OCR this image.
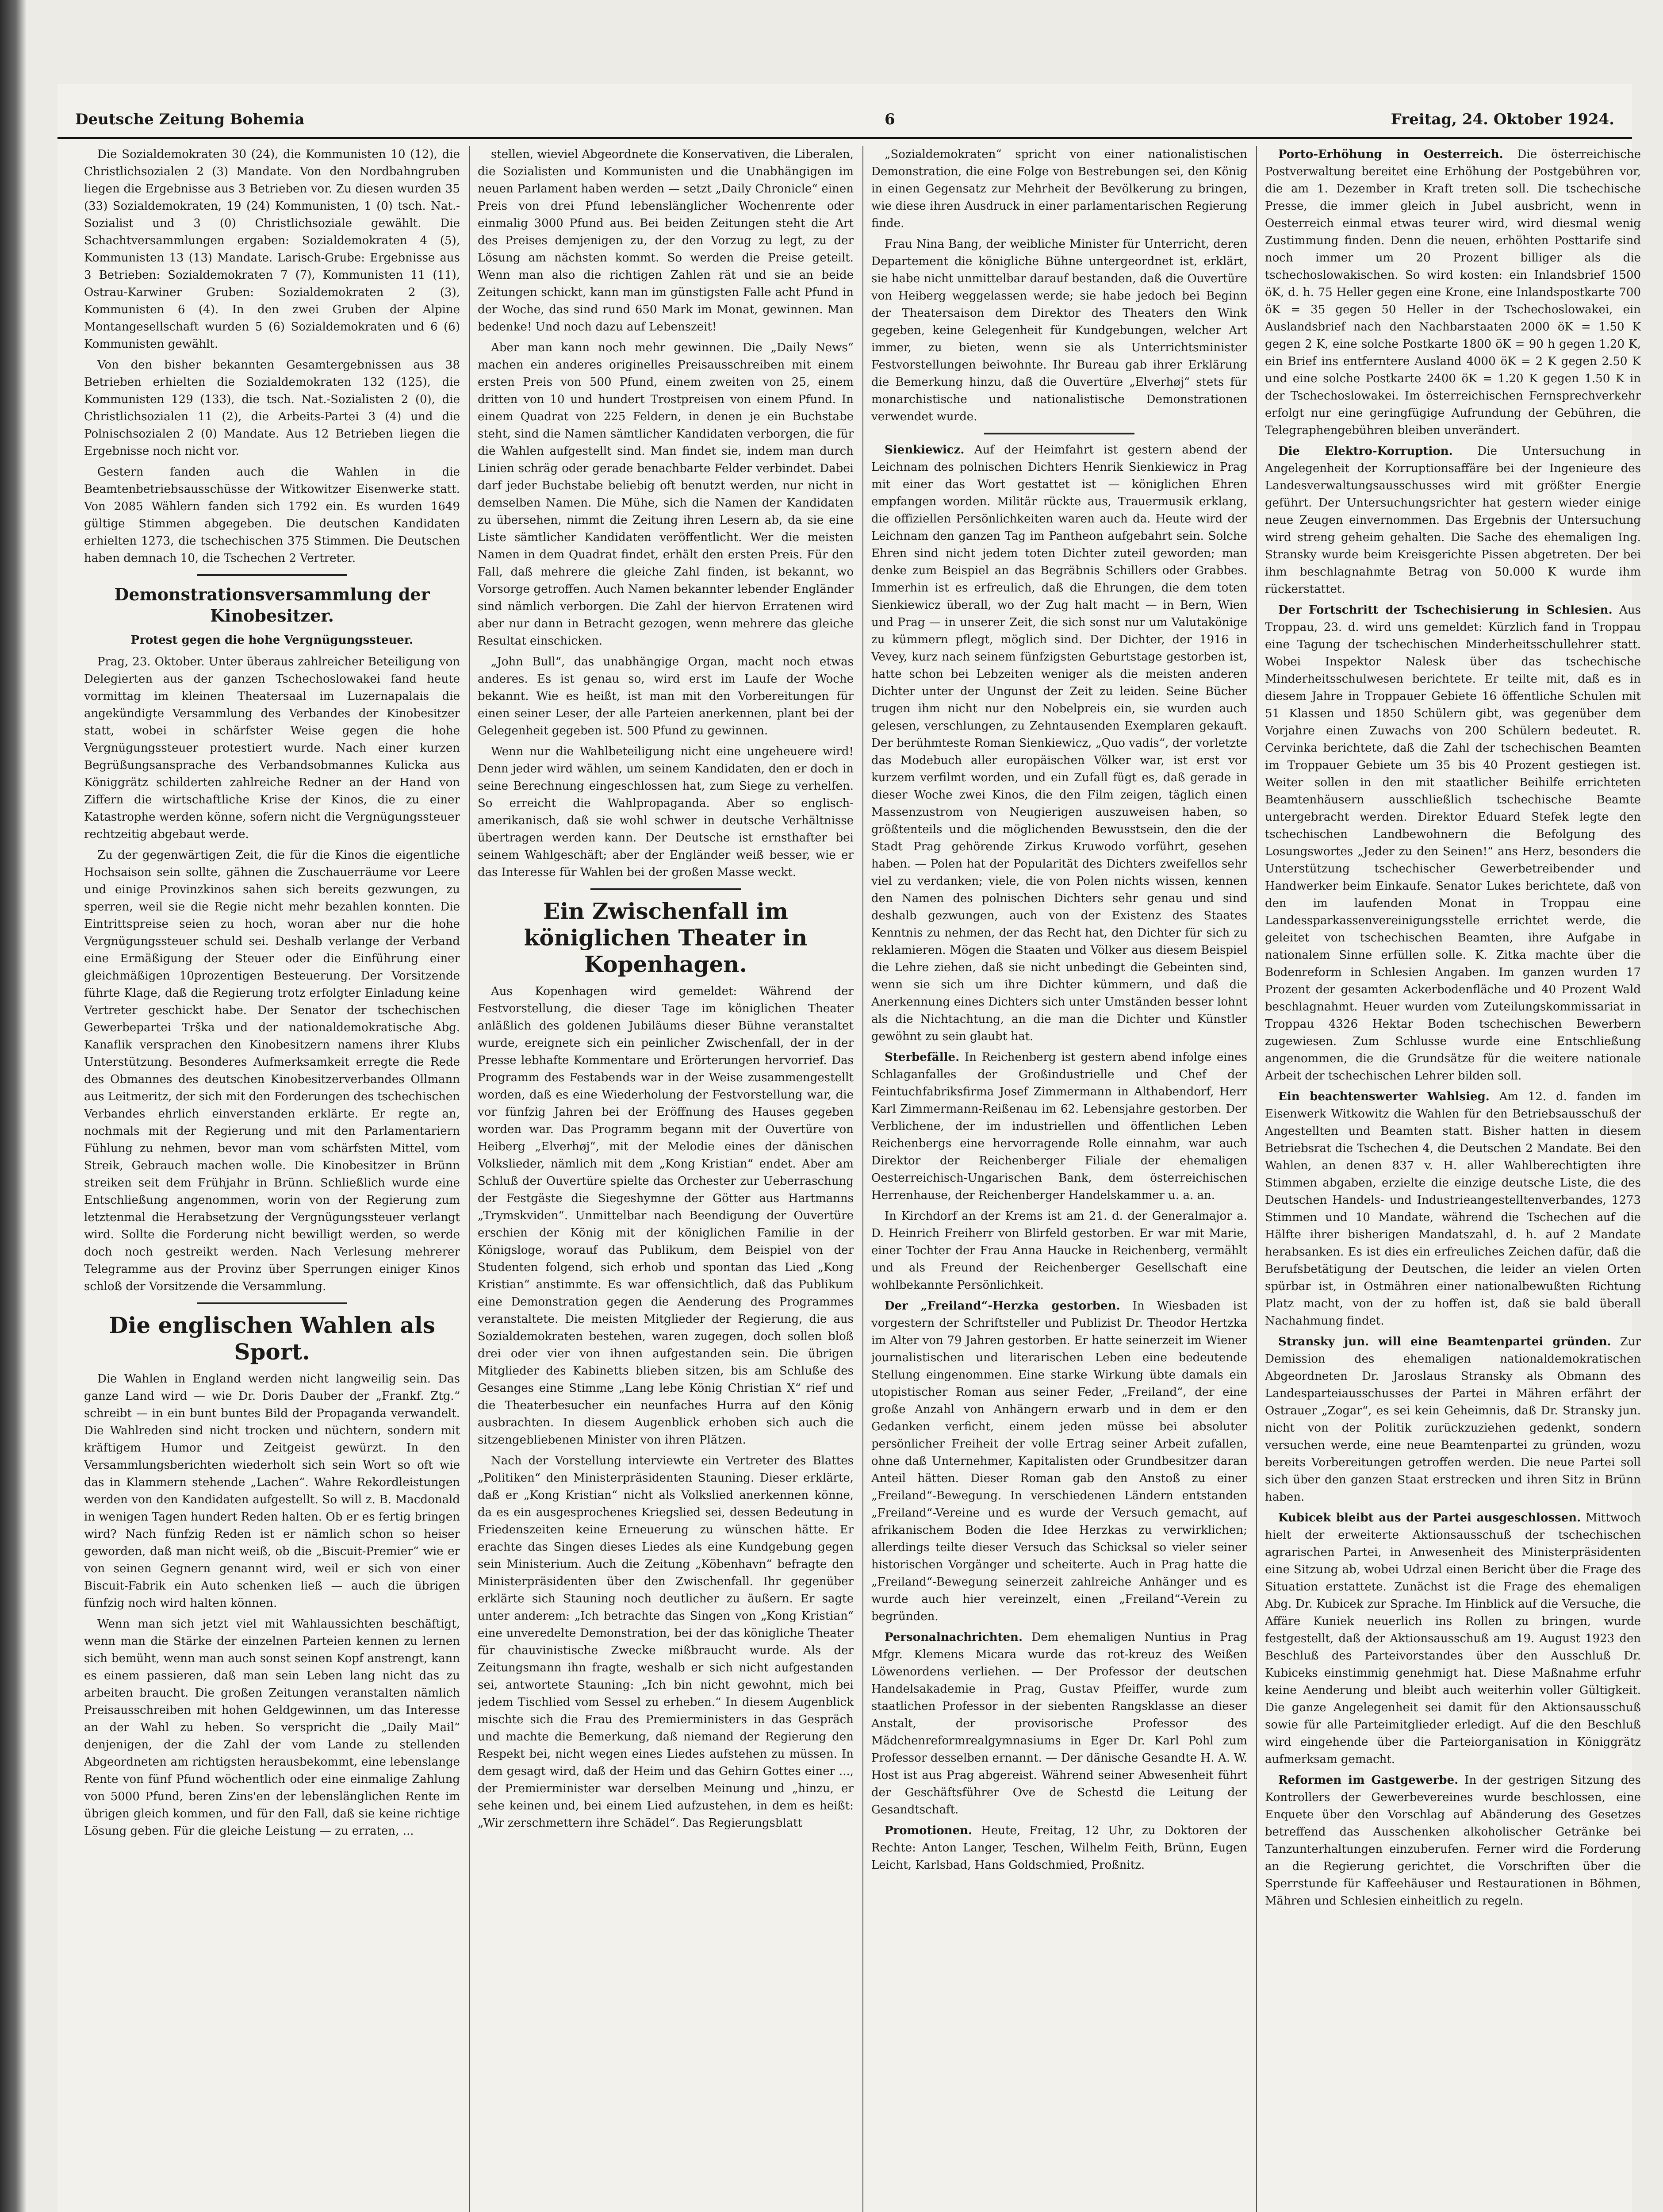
Deutsche Zeitung Bohemia	6	Freitag, 24. Oktober 1924.

Die Sozialdemokraten 30 (24), die Kommunisten 10 (12), die Christlichsozialen 2 (3) Mandate. Von den Nordbahngruben liegen die Ergebnisse aus 3 Betrieben vor. Zu diesen wurden 35 (33) Sozialdemokraten, 19 (24) Kommunisten, 1 (0) tsch. Nat.-Sozialist und 3 (0) Christlichsoziale gewählt. Die Schachtversammlungen ergaben: Sozialdemokraten 4 (5), Kommunisten 13 (13) Mandate. Larisch-Grube: Ergebnisse aus 3 Betrieben: Sozialdemokraten 7 (7), Kommunisten 11 (11), Ostrau-Karwiner Gruben: Sozialdemokraten 2 (3), Kommunisten 6 (4). In den zwei Gruben der Alpine Montangesellschaft wurden 5 (6) Sozialdemokraten und 6 (6) Kommunisten gewählt.

Von den bisher bekannten Gesamtergebnissen aus 38 Betrieben erhielten die Sozialdemokraten 132 (125), die Kommunisten 129 (133), die tsch. Nat.-Sozialisten 2 (0), die Christlichsozialen 11 (2), die Arbeits-Partei 3 (4) und die Polnischsozialen 2 (0) Mandate. Aus 12 Betrieben liegen die Ergebnisse noch nicht vor.

Gestern fanden auch die Wahlen in die Beamtenbetriebsausschüsse der Witkowitzer Eisenwerke statt. Von 2085 Wählern fanden sich 1792 ein. Es wurden 1649 gültige Stimmen abgegeben. Die deutschen Kandidaten erhielten 1273, die tschechischen 375 Stimmen. Die Deutschen haben demnach 10, die Tschechen 2 Vertreter.

Demonstrationsversammlung der Kinobesitzer.
Protest gegen die hohe Vergnügungssteuer.

Prag, 23. Oktober. Unter überaus zahlreicher Beteiligung von Delegierten aus der ganzen Tschechoslowakei fand heute vormittag im kleinen Theatersaal im Luzernapalais die angekündigte Versammlung des Verbandes der Kinobesitzer statt, wobei in schärfster Weise gegen die hohe Vergnügungssteuer protestiert wurde. Nach einer kurzen Begrüßungsansprache des Verbandsobmannes Kulicka aus Königgrätz schilderten zahlreiche Redner an der Hand von Ziffern die wirtschaftliche Krise der Kinos, die zu einer Katastrophe werden könne, sofern nicht die Vergnügungssteuer rechtzeitig abgebaut werde.

Zu der gegenwärtigen Zeit, die für die Kinos die eigentliche Hochsaison sein sollte, gähnen die Zuschauerräume vor Leere und einige Provinzkinos sahen sich bereits gezwungen, zu sperren, weil sie die Regie nicht mehr bezahlen konnten. Die Eintrittspreise seien zu hoch, woran aber nur die hohe Vergnügungssteuer schuld sei. Deshalb verlange der Verband eine Ermäßigung der Steuer oder die Einführung einer gleichmäßigen 10prozentigen Besteuerung. Der Vorsitzende führte Klage, daß die Regierung trotz erfolgter Einladung keine Vertreter geschickt habe. Der Senator der tschechischen Gewerbepartei Trška und der nationaldemokratische Abg. Kanaflik versprachen den Kinobesitzern namens ihrer Klubs Unterstützung. Besonderes Aufmerksamkeit erregte die Rede des Obmannes des deutschen Kinobesitzerverbandes Ollmann aus Leitmeritz, der sich mit den Forderungen des tschechischen Verbandes ehrlich einverstanden erklärte. Er regte an, nochmals mit der Regierung und mit den Parlamentariern Fühlung zu nehmen, bevor man vom schärfsten Mittel, vom Streik, Gebrauch machen wolle. Die Kinobesitzer in Brünn streiken seit dem Frühjahr in Brünn. Schließlich wurde eine Entschließung angenommen, worin von der Regierung zum letztenmal die Herabsetzung der Vergnügungssteuer verlangt wird. Sollte die Forderung nicht bewilligt werden, so werde doch noch gestreikt werden. Nach Verlesung mehrerer Telegramme aus der Provinz über Sperrungen einiger Kinos schloß der Vorsitzende die Versammlung.

Die englischen Wahlen als Sport.

Die Wahlen in England werden nicht langweilig sein. Das ganze Land wird — wie Dr. Doris Dauber der „Frankf. Ztg.“ schreibt — in ein bunt buntes Bild der Propaganda verwandelt. Die Wahlreden sind nicht trocken und nüchtern, sondern mit kräftigem Humor und Zeitgeist gewürzt. In den Versammlungsberichten wiederholt sich sein Wort so oft wie das in Klammern stehende „Lachen“. Wahre Rekordleistungen werden von den Kandidaten aufgestellt. So will z. B. Macdonald in wenigen Tagen hundert Reden halten. Ob er es fertig bringen wird? Nach fünfzig Reden ist er nämlich schon so heiser geworden, daß man nicht weiß, ob die „Biscuit-Premier“ wie er von seinen Gegnern genannt wird, weil er sich von einer Biscuit-Fabrik ein Auto schenken ließ — auch die übrigen fünfzig noch wird halten können.

Wenn man sich jetzt viel mit Wahlaussichten beschäftigt, wenn man die Stärke der einzelnen Parteien kennen zu lernen sich bemüht, wenn man auch sonst seinen Kopf anstrengt, kann es einem passieren, daß man sein Leben lang nicht das zu arbeiten braucht. Die großen Zeitungen veranstalten nämlich Preisausschreiben mit hohen Geldgewinnen, um das Interesse an der Wahl zu heben. So verspricht die „Daily Mail“ denjenigen, der die Zahl der vom Lande zu stellenden Abgeordneten am richtigsten herausbekommt, eine lebenslange Rente von fünf Pfund wöchentlich oder eine einmalige Zahlung von 5000 Pfund, beren Zins'en der lebenslänglichen Rente im übrigen gleich kommen, und für den Fall, daß sie keine richtige Lösung geben. Für die gleiche Leistung — zu erraten, ...

stellen, wieviel Abgeordnete die Konservativen, die Liberalen, die Sozialisten und Kommunisten und die Unabhängigen im neuen Parlament haben werden — setzt „Daily Chronicle“ einen Preis von drei Pfund lebenslänglicher Wochenrente oder einmalig 3000 Pfund aus. Bei beiden Zeitungen steht die Art des Preises demjenigen zu, der den Vorzug zu legt, zu der Lösung am nächsten kommt. So werden die Preise geteilt. Wenn man also die richtigen Zahlen rät und sie an beide Zeitungen schickt, kann man im günstigsten Falle acht Pfund in der Woche, das sind rund 650 Mark im Monat, gewinnen. Man bedenke! Und noch dazu auf Lebenszeit!

Aber man kann noch mehr gewinnen. Die „Daily News“ machen ein anderes originelles Preisausschreiben mit einem ersten Preis von 500 Pfund, einem zweiten von 25, einem dritten von 10 und hundert Trostpreisen von einem Pfund. In einem Quadrat von 225 Feldern, in denen je ein Buchstabe steht, sind die Namen sämtlicher Kandidaten verborgen, die für die Wahlen aufgestellt sind. Man findet sie, indem man durch Linien schräg oder gerade benachbarte Felder verbindet. Dabei darf jeder Buchstabe beliebig oft benutzt werden, nur nicht in demselben Namen. Die Mühe, sich die Namen der Kandidaten zu übersehen, nimmt die Zeitung ihren Lesern ab, da sie eine Liste sämtlicher Kandidaten veröffentlicht. Wer die meisten Namen in dem Quadrat findet, erhält den ersten Preis. Für den Fall, daß mehrere die gleiche Zahl finden, ist bekannt, wo Vorsorge getroffen. Auch Namen bekannter lebender Engländer sind nämlich verborgen. Die Zahl der hiervon Erratenen wird aber nur dann in Betracht gezogen, wenn mehrere das gleiche Resultat einschicken.

„John Bull“, das unabhängige Organ, macht noch etwas anderes. Es ist genau so, wird erst im Laufe der Woche bekannt. Wie es heißt, ist man mit den Vorbereitungen für einen seiner Leser, der alle Parteien anerkennen, plant bei der Gelegenheit gegeben ist. 500 Pfund zu gewinnen.

Wenn nur die Wahlbeteiligung nicht eine ungeheuere wird! Denn jeder wird wählen, um seinem Kandidaten, den er doch in seine Berechnung eingeschlossen hat, zum Siege zu verhelfen. So erreicht die Wahlpropaganda. Aber so englisch-amerikanisch, daß sie wohl schwer in deutsche Verhältnisse übertragen werden kann. Der Deutsche ist ernsthafter bei seinem Wahlgeschäft; aber der Engländer weiß besser, wie er das Interesse für Wahlen bei der großen Masse weckt.

Ein Zwischenfall im königlichen Theater in Kopenhagen.

Aus Kopenhagen wird gemeldet: Während der Festvorstellung, die dieser Tage im königlichen Theater anläßlich des goldenen Jubiläums dieser Bühne veranstaltet wurde, ereignete sich ein peinlicher Zwischenfall, der in der Presse lebhafte Kommentare und Erörterungen hervorrief. Das Programm des Festabends war in der Weise zusammengestellt worden, daß es eine Wiederholung der Festvorstellung war, die vor fünfzig Jahren bei der Eröffnung des Hauses gegeben worden war. Das Programm begann mit der Ouvertüre von Heiberg „Elverhøj“, mit der Melodie eines der dänischen Volkslieder, nämlich mit dem „Kong Kristian“ endet. Aber am Schluß der Ouvertüre spielte das Orchester zur Ueberraschung der Festgäste die Siegeshymne der Götter aus Hartmanns „Trymskviden“. Unmittelbar nach Beendigung der Ouvertüre erschien der König mit der königlichen Familie in der Königsloge, worauf das Publikum, dem Beispiel von der Studenten folgend, sich erhob und spontan das Lied „Kong Kristian“ anstimmte. Es war offensichtlich, daß das Publikum eine Demonstration gegen die Aenderung des Programmes veranstaltete. Die meisten Mitglieder der Regierung, die aus Sozialdemokraten bestehen, waren zugegen, doch sollen bloß drei oder vier von ihnen aufgestanden sein. Die übrigen Mitglieder des Kabinetts blieben sitzen, bis am Schluße des Gesanges eine Stimme „Lang lebe König Christian X“ rief und die Theaterbesucher ein neunfaches Hurra auf den König ausbrachten. In diesem Augenblick erhoben sich auch die sitzengebliebenen Minister von ihren Plätzen.

Nach der Vorstellung interviewte ein Vertreter des Blattes „Politiken“ den Ministerpräsidenten Stauning. Dieser erklärte, daß er „Kong Kristian“ nicht als Volkslied anerkennen könne, da es ein ausgesprochenes Kriegslied sei, dessen Bedeutung in Friedenszeiten keine Erneuerung zu wünschen hätte. Er erachte das Singen dieses Liedes als eine Kundgebung gegen sein Ministerium. Auch die Zeitung „Köbenhavn“ befragte den Ministerpräsidenten über den Zwischenfall. Ihr gegenüber erklärte sich Stauning noch deutlicher zu äußern. Er sagte unter anderem: „Ich betrachte das Singen von „Kong Kristian“ eine unveredelte Demonstration, bei der das königliche Theater für chauvinistische Zwecke mißbraucht wurde. Als der Zeitungsmann ihn fragte, weshalb er sich nicht aufgestanden sei, antwortete Stauning: „Ich bin nicht gewohnt, mich bei jedem Tischlied vom Sessel zu erheben.“ In diesem Augenblick mischte sich die Frau des Premierministers in das Gespräch und machte die Bemerkung, daß niemand der Regierung den Respekt bei, nicht wegen eines Liedes aufstehen zu müssen. In dem gesagt wird, daß der Heim und das Gehirn Gottes einer ..., der Premierminister war derselben Meinung und „hinzu, er sehe keinen und, bei einem Lied aufzustehen, in dem es heißt: „Wir zerschmettern ihre Schädel“. Das Regierungsblatt

„Sozialdemokraten“ spricht von einer nationalistischen Demonstration, die eine Folge von Bestrebungen sei, den König in einen Gegensatz zur Mehrheit der Bevölkerung zu bringen, wie diese ihren Ausdruck in einer parlamentarischen Regierung finde.

Frau Nina Bang, der weibliche Minister für Unterricht, deren Departement die königliche Bühne untergeordnet ist, erklärt, sie habe nicht unmittelbar darauf bestanden, daß die Ouvertüre von Heiberg weggelassen werde; sie habe jedoch bei Beginn der Theatersaison dem Direktor des Theaters den Wink gegeben, keine Gelegenheit für Kundgebungen, welcher Art immer, zu bieten, wenn sie als Unterrichtsminister Festvorstellungen beiwohnte. Ihr Bureau gab ihrer Erklärung die Bemerkung hinzu, daß die Ouvertüre „Elverhøj“ stets für monarchistische und nationalistische Demonstrationen verwendet wurde.

Sienkiewicz. Auf der Heimfahrt ist gestern abend der Leichnam des polnischen Dichters Henrik Sienkiewicz in Prag mit einer das Wort gestattet ist — königlichen Ehren empfangen worden. Militär rückte aus, Trauermusik erklang, die offiziellen Persönlichkeiten waren auch da. Heute wird der Leichnam den ganzen Tag im Pantheon aufgebahrt sein. Solche Ehren sind nicht jedem toten Dichter zuteil geworden; man denke zum Beispiel an das Begräbnis Schillers oder Grabbes. Immerhin ist es erfreulich, daß die Ehrungen, die dem toten Sienkiewicz überall, wo der Zug halt macht — in Bern, Wien und Prag — in unserer Zeit, die sich sonst nur um Valutakönige zu kümmern pflegt, möglich sind. Der Dichter, der 1916 in Vevey, kurz nach seinem fünfzigsten Geburtstage gestorben ist, hatte schon bei Lebzeiten weniger als die meisten anderen Dichter unter der Ungunst der Zeit zu leiden. Seine Bücher trugen ihm nicht nur den Nobelpreis ein, sie wurden auch gelesen, verschlungen, zu Zehntausenden Exemplaren gekauft. Der berühmteste Roman Sienkiewicz, „Quo vadis“, der vorletzte das Modebuch aller europäischen Völker war, ist erst vor kurzem verfilmt worden, und ein Zufall fügt es, daß gerade in dieser Woche zwei Kinos, die den Film zeigen, täglich einen Massenzustrom von Neugierigen auszuweisen haben, so größtenteils und die möglichenden Bewusstsein, den die der Stadt Prag gehörende Zirkus Kruwodo vorführt, gesehen haben. — Polen hat der Popularität des Dichters zweifellos sehr viel zu verdanken; viele, die von Polen nichts wissen, kennen den Namen des polnischen Dichters sehr genau und sind deshalb gezwungen, auch von der Existenz des Staates Kenntnis zu nehmen, der das Recht hat, den Dichter für sich zu reklamieren. Mögen die Staaten und Völker aus diesem Beispiel die Lehre ziehen, daß sie nicht unbedingt die Gebeinten sind, wenn sie sich um ihre Dichter kümmern, und daß die Anerkennung eines Dichters sich unter Umständen besser lohnt als die Nichtachtung, an die man die Dichter und Künstler gewöhnt zu sein glaubt hat.

Sterbefälle. In Reichenberg ist gestern abend infolge eines Schlaganfalles der Großindustrielle und Chef der Feintuchfabriksfirma Josef Zimmermann in Althabendorf, Herr Karl Zimmermann-Reißenau im 62. Lebensjahre gestorben. Der Verblichene, der im industriellen und öffentlichen Leben Reichenbergs eine hervorragende Rolle einnahm, war auch Direktor der Reichenberger Filiale der ehemaligen Oesterreichisch-Ungarischen Bank, dem österreichischen Herrenhause, der Reichenberger Handelskammer u. a. an.

In Kirchdorf an der Krems ist am 21. d. der Generalmajor a. D. Heinrich Freiherr von Blirfeld gestorben. Er war mit Marie, einer Tochter der Frau Anna Haucke in Reichenberg, vermählt und als Freund der Reichenberger Gesellschaft eine wohlbekannte Persönlichkeit.

Der „Freiland“-Herzka gestorben. In Wiesbaden ist vorgestern der Schriftsteller und Publizist Dr. Theodor Hertzka im Alter von 79 Jahren gestorben. Er hatte seinerzeit im Wiener journalistischen und literarischen Leben eine bedeutende Stellung eingenommen. Eine starke Wirkung übte damals ein utopistischer Roman aus seiner Feder, „Freiland“, der eine große Anzahl von Anhängern erwarb und in dem er den Gedanken verficht, einem jeden müsse bei absoluter persönlicher Freiheit der volle Ertrag seiner Arbeit zufallen, ohne daß Unternehmer, Kapitalisten oder Grundbesitzer daran Anteil hätten. Dieser Roman gab den Anstoß zu einer „Freiland“-Bewegung. In verschiedenen Ländern entstanden „Freiland“-Vereine und es wurde der Versuch gemacht, auf afrikanischem Boden die Idee Herzkas zu verwirklichen; allerdings teilte dieser Versuch das Schicksal so vieler seiner historischen Vorgänger und scheiterte. Auch in Prag hatte die „Freiland“-Bewegung seinerzeit zahlreiche Anhänger und es wurde auch hier vereinzelt, einen „Freiland“-Verein zu begründen.

Personalnachrichten. Dem ehemaligen Nuntius in Prag Mfgr. Klemens Micara wurde das rot-kreuz des Weißen Löwenordens verliehen. — Der Professor der deutschen Handelsakademie in Prag, Gustav Pfeiffer, wurde zum staatlichen Professor in der siebenten Rangsklasse an dieser Anstalt, der provisorische Professor des Mädchenreformrealgymnasiums in Eger Dr. Karl Pohl zum Professor desselben ernannt. — Der dänische Gesandte H. A. W. Host ist aus Prag abgereist. Während seiner Abwesenheit führt der Geschäftsführer Ove de Schestd die Leitung der Gesandtschaft.

Promotionen. Heute, Freitag, 12 Uhr, zu Doktoren der Rechte: Anton Langer, Teschen, Wilhelm Feith, Brünn, Eugen Leicht, Karlsbad, Hans Goldschmied, Proßnitz.

Porto-Erhöhung in Oesterreich. Die österreichische Postverwaltung bereitet eine Erhöhung der Postgebühren vor, die am 1. Dezember in Kraft treten soll. Die tschechische Presse, die immer gleich in Jubel ausbricht, wenn in Oesterreich einmal etwas teurer wird, wird diesmal wenig Zustimmung finden. Denn die neuen, erhöhten Posttarife sind noch immer um 20 Prozent billiger als die tschechoslowakischen. So wird kosten: ein Inlandsbrief 1500 öK, d. h. 75 Heller gegen eine Krone, eine Inlandspostkarte 700 öK = 35 gegen 50 Heller in der Tschechoslowakei, ein Auslandsbrief nach den Nachbarstaaten 2000 öK = 1.50 K gegen 2 K, eine solche Postkarte 1800 öK = 90 h gegen 1.20 K, ein Brief ins entferntere Ausland 4000 öK = 2 K gegen 2.50 K und eine solche Postkarte 2400 öK = 1.20 K gegen 1.50 K in der Tschechoslowakei. Im österreichischen Fernsprechverkehr erfolgt nur eine geringfügige Aufrundung der Gebühren, die Telegraphengebühren bleiben unverändert.

Die Elektro-Korruption. Die Untersuchung in Angelegenheit der Korruptionsaffäre bei der Ingenieure des Landesverwaltungsausschusses wird mit größter Energie geführt. Der Untersuchungsrichter hat gestern wieder einige neue Zeugen einvernommen. Das Ergebnis der Untersuchung wird streng geheim gehalten. Die Sache des ehemaligen Ing. Stransky wurde beim Kreisgerichte Pissen abgetreten. Der bei ihm beschlagnahmte Betrag von 50.000 K wurde ihm rückerstattet.

Der Fortschritt der Tschechisierung in Schlesien. Aus Troppau, 23. d. wird uns gemeldet: Kürzlich fand in Troppau eine Tagung der tschechischen Minderheitsschullehrer statt. Wobei Inspektor Nalesk über das tschechische Minderheitsschulwesen berichtete. Er teilte mit, daß es in diesem Jahre in Troppauer Gebiete 16 öffentliche Schulen mit 51 Klassen und 1850 Schülern gibt, was gegenüber dem Vorjahre einen Zuwachs von 200 Schülern bedeutet. R. Cervinka berichtete, daß die Zahl der tschechischen Beamten im Troppauer Gebiete um 35 bis 40 Prozent gestiegen ist. Weiter sollen in den mit staatlicher Beihilfe errichteten Beamtenhäusern ausschließlich tschechische Beamte untergebracht werden. Direktor Eduard Stefek legte den tschechischen Landbewohnern die Befolgung des Losungswortes „Jeder zu den Seinen!“ ans Herz, besonders die Unterstützung tschechischer Gewerbetreibender und Handwerker beim Einkaufe. Senator Lukes berichtete, daß von den im laufenden Monat in Troppau eine Landessparkassenvereinigungsstelle errichtet werde, die geleitet von tschechischen Beamten, ihre Aufgabe in nationalem Sinne erfüllen solle. K. Zitka machte über die Bodenreform in Schlesien Angaben. Im ganzen wurden 17 Prozent der gesamten Ackerbodenfläche und 40 Prozent Wald beschlagnahmt. Heuer wurden vom Zuteilungskommissariat in Troppau 4326 Hektar Boden tschechischen Bewerbern zugewiesen. Zum Schlusse wurde eine Entschließung angenommen, die die Grundsätze für die weitere nationale Arbeit der tschechischen Lehrer bilden soll.

Ein beachtenswerter Wahlsieg. Am 12. d. fanden im Eisenwerk Witkowitz die Wahlen für den Betriebsausschuß der Angestellten und Beamten statt. Bisher hatten in diesem Betriebsrat die Tschechen 4, die Deutschen 2 Mandate. Bei den Wahlen, an denen 837 v. H. aller Wahlberechtigten ihre Stimmen abgaben, erzielte die einzige deutsche Liste, die des Deutschen Handels- und Industrieangestelltenverbandes, 1273 Stimmen und 10 Mandate, während die Tschechen auf die Hälfte ihrer bisherigen Mandatszahl, d. h. auf 2 Mandate herabsanken. Es ist dies ein erfreuliches Zeichen dafür, daß die Berufsbetätigung der Deutschen, die leider an vielen Orten spürbar ist, in Ostmähren einer nationalbewußten Richtung Platz macht, von der zu hoffen ist, daß sie bald überall Nachahmung findet.

Stransky jun. will eine Beamtenpartei gründen. Zur Demission des ehemaligen nationaldemokratischen Abgeordneten Dr. Jaroslaus Stransky als Obmann des Landesparteiausschusses der Partei in Mähren erfährt der Ostrauer „Zogar“, es sei kein Geheimnis, daß Dr. Stransky jun. nicht von der Politik zurückzuziehen gedenkt, sondern versuchen werde, eine neue Beamtenpartei zu gründen, wozu bereits Vorbereitungen getroffen werden. Die neue Partei soll sich über den ganzen Staat erstrecken und ihren Sitz in Brünn haben.

Kubicek bleibt aus der Partei ausgeschlossen. Mittwoch hielt der erweiterte Aktionsausschuß der tschechischen agrarischen Partei, in Anwesenheit des Ministerpräsidenten eine Sitzung ab, wobei Udrzal einen Bericht über die Frage des Situation erstattete. Zunächst ist die Frage des ehemaligen Abg. Dr. Kubicek zur Sprache. Im Hinblick auf die Versuche, die Affäre Kuniek neuerlich ins Rollen zu bringen, wurde festgestellt, daß der Aktionsausschuß am 19. August 1923 den Beschluß des Parteivorstandes über den Ausschluß Dr. Kubiceks einstimmig genehmigt hat. Diese Maßnahme erfuhr keine Aenderung und bleibt auch weiterhin voller Gültigkeit. Die ganze Angelegenheit sei damit für den Aktionsausschuß sowie für alle Parteimitglieder erledigt. Auf die den Beschluß wird eingehende über die Parteiorganisation in Königgrätz aufmerksam gemacht.

Reformen im Gastgewerbe. In der gestrigen Sitzung des Kontrollers der Gewerbevereines wurde beschlossen, eine Enquete über den Vorschlag auf Abänderung des Gesetzes betreffend das Ausschenken alkoholischer Getränke bei Tanzunterhaltungen einzuberufen. Ferner wird die Forderung an die Regierung gerichtet, die Vorschriften über die Sperrstunde für Kaffeehäuser und Restaurationen in Böhmen, Mähren und Schlesien einheitlich zu regeln.
